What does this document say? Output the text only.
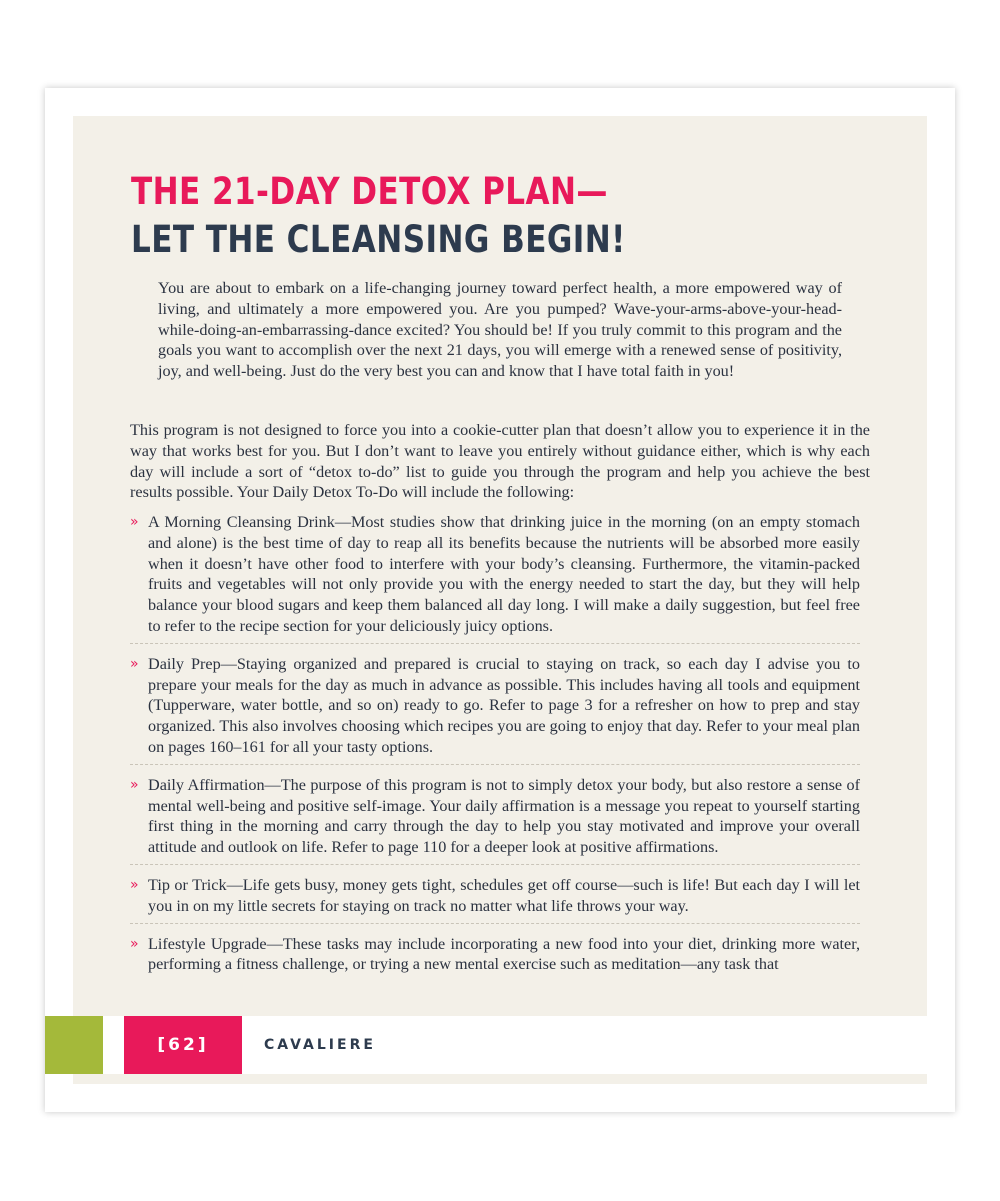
THE 21-DAY DETOX PLAN—
LET THE CLEANSING BEGIN!

You are about to embark on a life-changing journey toward perfect health, a more empowered way of living, and ultimately a more empowered you. Are you pumped? Wave-your-arms-above-your-head-while-doing-an-embarrassing-dance excited? You should be! If you truly commit to this program and the goals you want to accomplish over the next 21 days, you will emerge with a renewed sense of positivity, joy, and well-being. Just do the very best you can and know that I have total faith in you!

This program is not designed to force you into a cookie-cutter plan that doesn’t allow you to experience it in the way that works best for you. But I don’t want to leave you entirely without guidance either, which is why each day will include a sort of “detox to-do” list to guide you through the program and help you achieve the best results possible. Your Daily Detox To-Do will include the following:

» A Morning Cleansing Drink—Most studies show that drinking juice in the morning (on an empty stomach and alone) is the best time of day to reap all its benefits because the nutrients will be absorbed more easily when it doesn’t have other food to interfere with your body’s cleansing. Furthermore, the vitamin-packed fruits and vegetables will not only provide you with the energy needed to start the day, but they will help balance your blood sugars and keep them balanced all day long. I will make a daily suggestion, but feel free to refer to the recipe section for your deliciously juicy options.

» Daily Prep—Staying organized and prepared is crucial to staying on track, so each day I advise you to prepare your meals for the day as much in advance as possible. This includes having all tools and equipment (Tupperware, water bottle, and so on) ready to go. Refer to page 3 for a refresher on how to prep and stay organized. This also involves choosing which recipes you are going to enjoy that day. Refer to your meal plan on pages 160–161 for all your tasty options.

» Daily Affirmation—The purpose of this program is not to simply detox your body, but also restore a sense of mental well-being and positive self-image. Your daily affirmation is a message you repeat to yourself starting first thing in the morning and carry through the day to help you stay motivated and improve your overall attitude and outlook on life. Refer to page 110 for a deeper look at positive affirmations.

» Tip or Trick—Life gets busy, money gets tight, schedules get off course—such is life! But each day I will let you in on my little secrets for staying on track no matter what life throws your way.

» Lifestyle Upgrade—These tasks may include incorporating a new food into your diet, drinking more water, performing a fitness challenge, or trying a new mental exercise such as meditation—any task that

[62]	CAVALIERE
